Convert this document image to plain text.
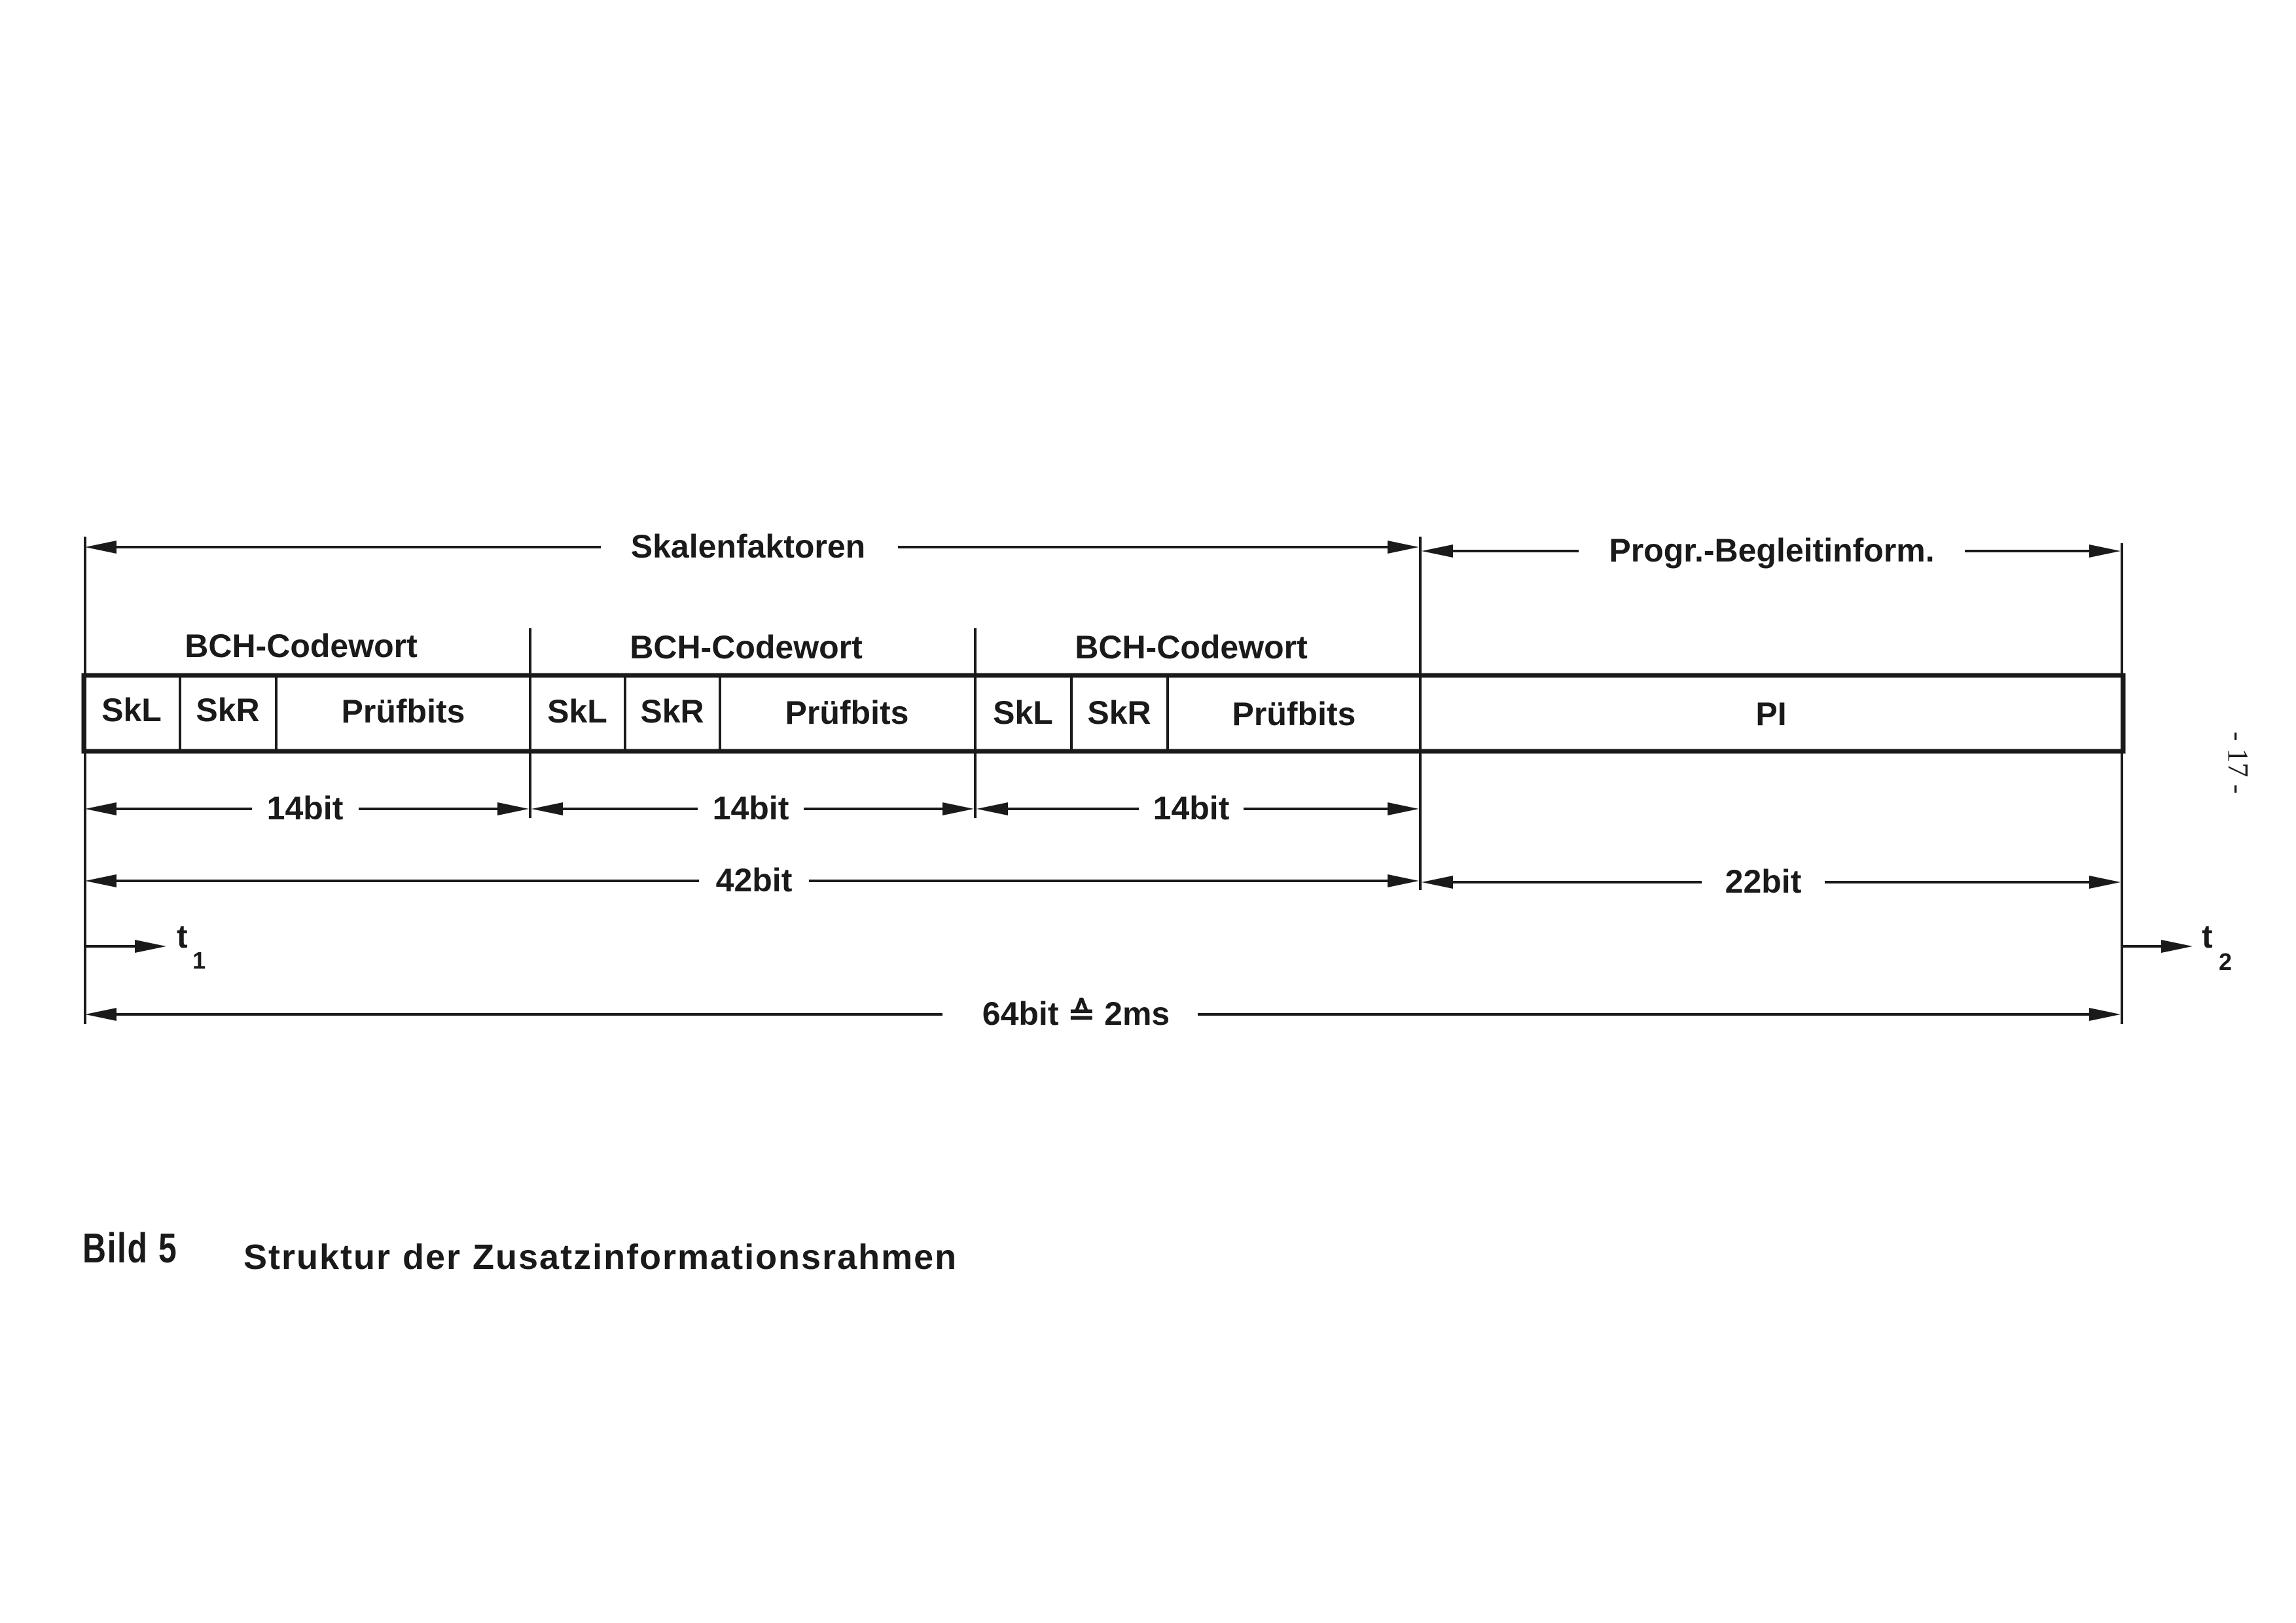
Skalenfaktoren	Progr.-Begleitinform.
BCH-Codewort	BCH-Codewort	BCH-Codewort
SkL SkR Prüfbits	SkL SkR Prüfbits	SkL SkR Prüfbits	PI
14bit	14bit	14bit
42bit	22bit
t
1
t
2
64bit ≙ 2ms
Bild 5 Struktur der Zusatzinformationsrahmen
- 17 -
